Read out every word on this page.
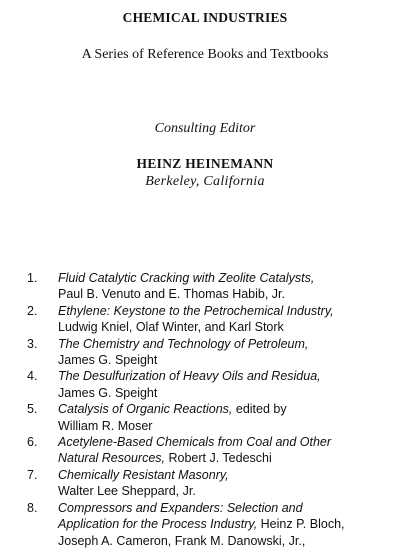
CHEMICAL INDUSTRIES
A Series of Reference Books and Textbooks
Consulting Editor
HEINZ HEINEMANN
Berkeley, California
1. Fluid Catalytic Cracking with Zeolite Catalysts,
Paul B. Venuto and E. Thomas Habib, Jr.
2. Ethylene: Keystone to the Petrochemical Industry,
Ludwig Kniel, Olaf Winter, and Karl Stork
3. The Chemistry and Technology of Petroleum,
James G. Speight
4. The Desulfurization of Heavy Oils and Residua,
James G. Speight
5. Catalysis of Organic Reactions, edited by
William R. Moser
6. Acetylene-Based Chemicals from Coal and Other
Natural Resources, Robert J. Tedeschi
7. Chemically Resistant Masonry,
Walter Lee Sheppard, Jr.
8. Compressors and Expanders: Selection and
Application for the Process Industry, Heinz P. Bloch,
Joseph A. Cameron, Frank M. Danowski, Jr.,
